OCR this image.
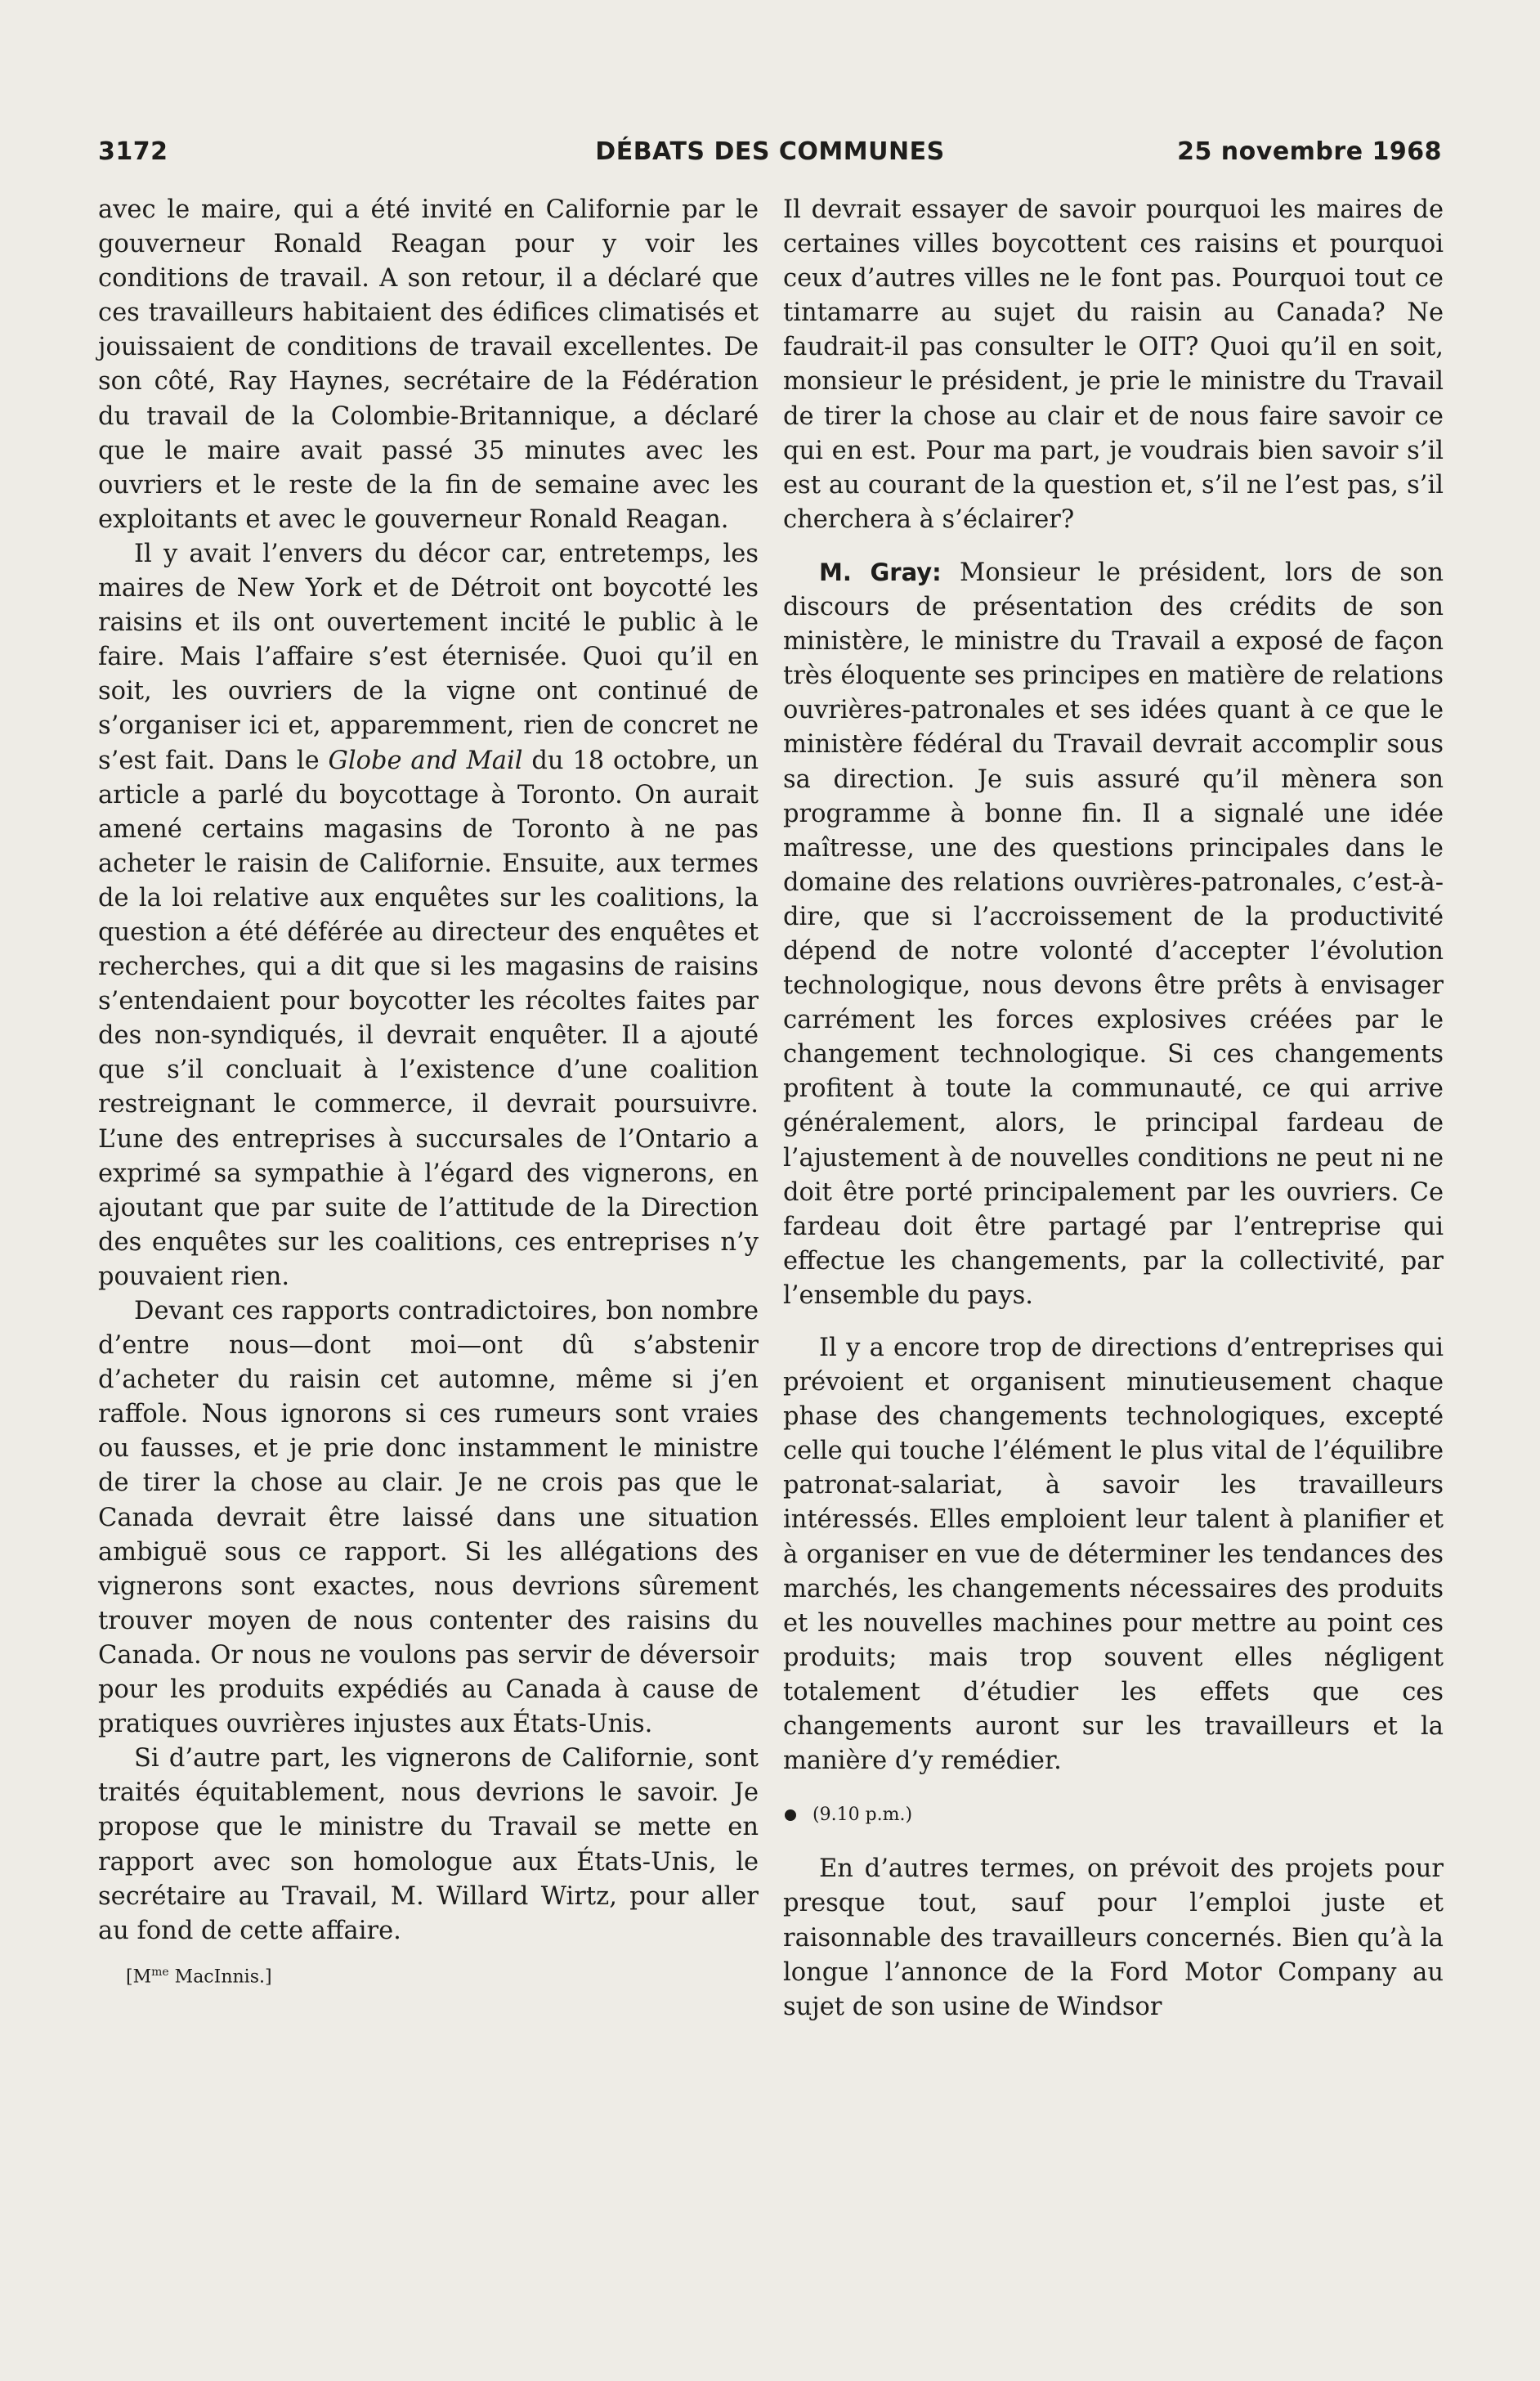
3172	DÉBATS DES COMMUNES	25 novembre 1968

avec le maire, qui a été invité en Californie par le gouverneur Ronald Reagan pour y voir les conditions de travail. A son retour, il a déclaré que ces travailleurs habitaient des édifices climatisés et jouissaient de conditions de travail excellentes. De son côté, Ray Haynes, secrétaire de la Fédération du travail de la Colombie-Britannique, a déclaré que le maire avait passé 35 minutes avec les ouvriers et le reste de la fin de semaine avec les exploitants et avec le gouverneur Ronald Reagan.

Il y avait l’envers du décor car, entretemps, les maires de New York et de Détroit ont boycotté les raisins et ils ont ouvertement incité le public à le faire. Mais l’affaire s’est éternisée. Quoi qu’il en soit, les ouvriers de la vigne ont continué de s’organiser ici et, apparemment, rien de concret ne s’est fait. Dans le Globe and Mail du 18 octobre, un article a parlé du boycottage à Toronto. On aurait amené certains magasins de Toronto à ne pas acheter le raisin de Californie. Ensuite, aux termes de la loi relative aux enquêtes sur les coalitions, la question a été déférée au directeur des enquêtes et recherches, qui a dit que si les magasins de raisins s’entendaient pour boycotter les récoltes faites par des non-syndiqués, il devrait enquêter. Il a ajouté que s’il concluait à l’existence d’une coalition restreignant le commerce, il devrait poursuivre. L’une des entreprises à succursales de l’Ontario a exprimé sa sympathie à l’égard des vignerons, en ajoutant que par suite de l’attitude de la Direction des enquêtes sur les coalitions, ces entreprises n’y pouvaient rien.

Devant ces rapports contradictoires, bon nombre d’entre nous—dont moi—ont dû s’abstenir d’acheter du raisin cet automne, même si j’en raffole. Nous ignorons si ces rumeurs sont vraies ou fausses, et je prie donc instamment le ministre de tirer la chose au clair. Je ne crois pas que le Canada devrait être laissé dans une situation ambiguë sous ce rapport. Si les allégations des vignerons sont exactes, nous devrions sûrement trouver moyen de nous contenter des raisins du Canada. Or nous ne voulons pas servir de déversoir pour les produits expédiés au Canada à cause de pratiques ouvrières injustes aux États-Unis.

Si d’autre part, les vignerons de Californie, sont traités équitablement, nous devrions le savoir. Je propose que le ministre du Travail se mette en rapport avec son homologue aux États-Unis, le secrétaire au Travail, M. Willard Wirtz, pour aller au fond de cette affaire.

[$M^{me}$ MacInnis.]

Il devrait essayer de savoir pourquoi les maires de certaines villes boycottent ces raisins et pourquoi ceux d’autres villes ne le font pas. Pourquoi tout ce tintamarre au sujet du raisin au Canada? Ne faudrait-il pas consulter le OIT? Quoi qu’il en soit, monsieur le président, je prie le ministre du Travail de tirer la chose au clair et de nous faire savoir ce qui en est. Pour ma part, je voudrais bien savoir s’il est au courant de la question et, s’il ne l’est pas, s’il cherchera à s’éclairer?

M. Gray: Monsieur le président, lors de son discours de présentation des crédits de son ministère, le ministre du Travail a exposé de façon très éloquente ses principes en matière de relations ouvrières-patronales et ses idées quant à ce que le ministère fédéral du Travail devrait accomplir sous sa direction. Je suis assuré qu’il mènera son programme à bonne fin. Il a signalé une idée maîtresse, une des questions principales dans le domaine des relations ouvrières-patronales, c’est-à-dire, que si l’accroissement de la productivité dépend de notre volonté d’accepter l’évolution technologique, nous devons être prêts à envisager carrément les forces explosives créées par le changement technologique. Si ces changements profitent à toute la communauté, ce qui arrive généralement, alors, le principal fardeau de l’ajustement à de nouvelles conditions ne peut ni ne doit être porté principalement par les ouvriers. Ce fardeau doit être partagé par l’entreprise qui effectue les changements, par la collectivité, par l’ensemble du pays.

Il y a encore trop de directions d’entreprises qui prévoient et organisent minutieusement chaque phase des changements technologiques, excepté celle qui touche l’élément le plus vital de l’équilibre patronat-salariat, à savoir les travailleurs intéressés. Elles emploient leur talent à planifier et à organiser en vue de déterminer les tendances des marchés, les changements nécessaires des produits et les nouvelles machines pour mettre au point ces produits; mais trop souvent elles négligent totalement d’étudier les effets que ces changements auront sur les travailleurs et la manière d’y remédier.

(9.10 p.m.)

En d’autres termes, on prévoit des projets pour presque tout, sauf pour l’emploi juste et raisonnable des travailleurs concernés. Bien qu’à la longue l’annonce de la Ford Motor Company au sujet de son usine de Windsor
